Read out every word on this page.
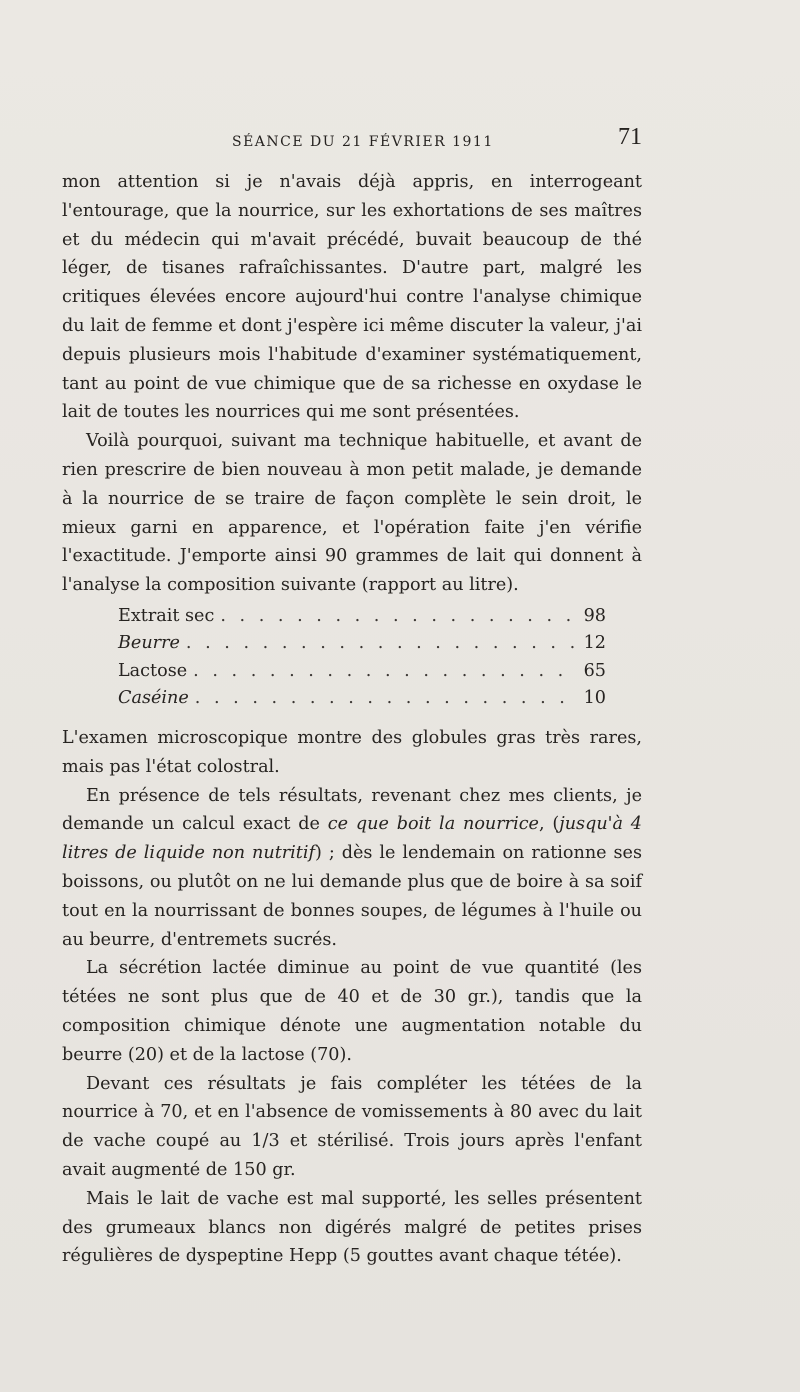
SÉANCE DU 21 FÉVRIER 1911	71

mon attention si je n'avais déjà appris, en interrogeant l'entourage, que la nourrice, sur les exhortations de ses maîtres et du médecin qui m'avait précédé, buvait beaucoup de thé léger, de tisanes rafraîchissantes. D'autre part, malgré les critiques élevées encore aujourd'hui contre l'analyse chimique du lait de femme et dont j'espère ici même discuter la valeur, j'ai depuis plusieurs mois l'habitude d'examiner systématiquement, tant au point de vue chimique que de sa richesse en oxydase le lait de toutes les nourrices qui me sont présentées.

Voilà pourquoi, suivant ma technique habituelle, et avant de rien prescrire de bien nouveau à mon petit malade, je demande à la nourrice de se traire de façon complète le sein droit, le mieux garni en apparence, et l'opération faite j'en vérifie l'exactitude. J'emporte ainsi 90 grammes de lait qui donnent à l'analyse la composition suivante (rapport au litre).

Extrait sec . . .	98
Beurre . . .	12
Lactose . . .	65
Caséine . . .	10

L'examen microscopique montre des globules gras très rares, mais pas l'état colostral.

En présence de tels résultats, revenant chez mes clients, je demande un calcul exact de ce que boit la nourrice, (jusqu'à 4 litres de liquide non nutritif) ; dès le lendemain on rationne ses boissons, ou plutôt on ne lui demande plus que de boire à sa soif tout en la nourrissant de bonnes soupes, de légumes à l'huile ou au beurre, d'entremets sucrés.

La sécrétion lactée diminue au point de vue quantité (les tétées ne sont plus que de 40 et de 30 gr.), tandis que la composition chimique dénote une augmentation notable du beurre (20) et de la lactose (70).

Devant ces résultats je fais compléter les tétées de la nourrice à 70, et en l'absence de vomissements à 80 avec du lait de vache coupé au 1/3 et stérilisé. Trois jours après l'enfant avait augmenté de 150 gr.

Mais le lait de vache est mal supporté, les selles présentent des grumeaux blancs non digérés malgré de petites prises régulières de dyspeptine Hepp (5 gouttes avant chaque tétée).
